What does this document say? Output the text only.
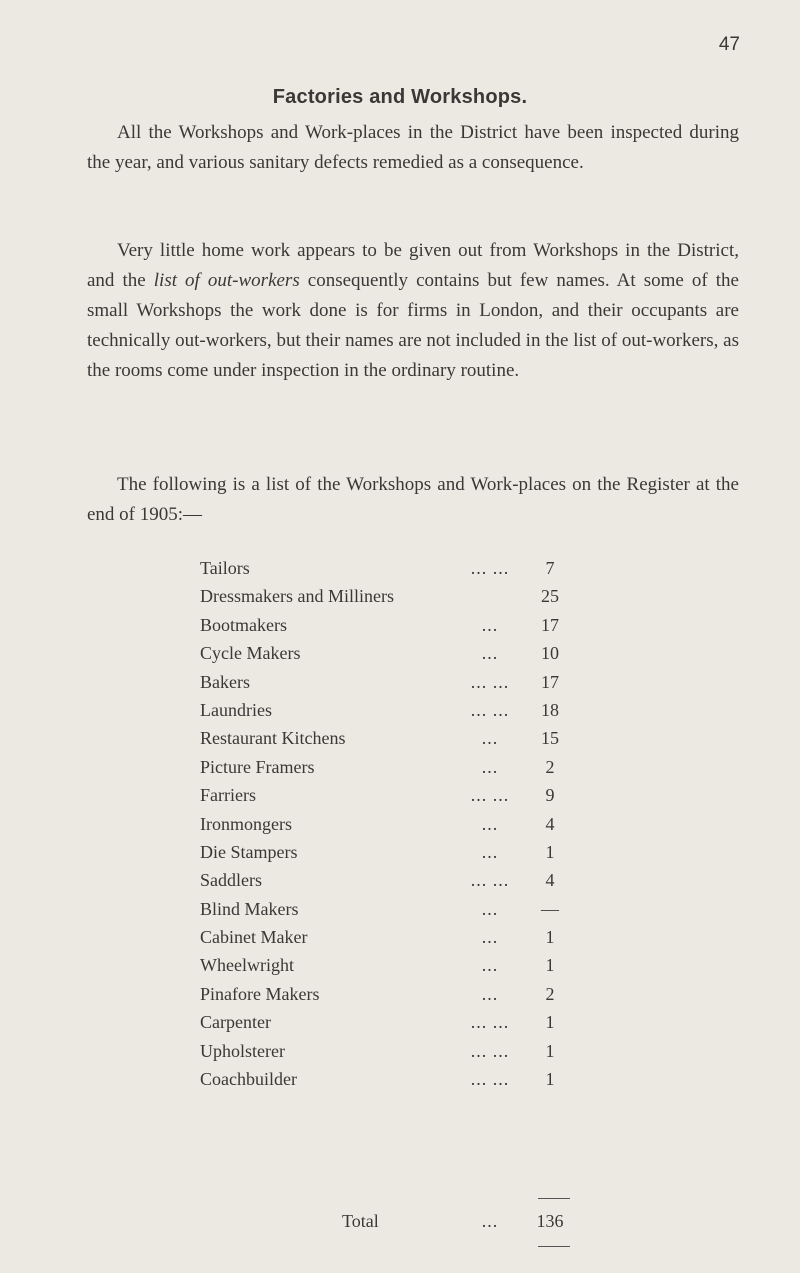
47
Factories and Workshops.

All the Workshops and Work-places in the District have been inspected during the year, and various sanitary defects remedied as a consequence.

Very little home work appears to be given out from Workshops in the District, and the list of out-workers consequently contains but few names. At some of the small Workshops the work done is for firms in London, and their occupants are technically out-workers, but their names are not included in the list of out-workers, as the rooms come under inspection in the ordinary routine.

The following is a list of the Workshops and Work-places on the Register at the end of 1905:—

Tailors	... ...	7
Dressmakers and Milliners	25
Bootmakers	...	17
Cycle Makers	...	10
Bakers	... ...	17
Laundries	... ...	18
Restaurant Kitchens	...	15
Picture Framers	...	2
Farriers	... ...	9
Ironmongers	...	4
Die Stampers	...	1
Saddlers	... ...	4
Blind Makers	...	—
Cabinet Maker	...	1
Wheelwright	...	1
Pinafore Makers	...	2
Carpenter	... ...	1
Upholsterer	... ...	1
Coachbuilder	... ...	1
Total	...	136
